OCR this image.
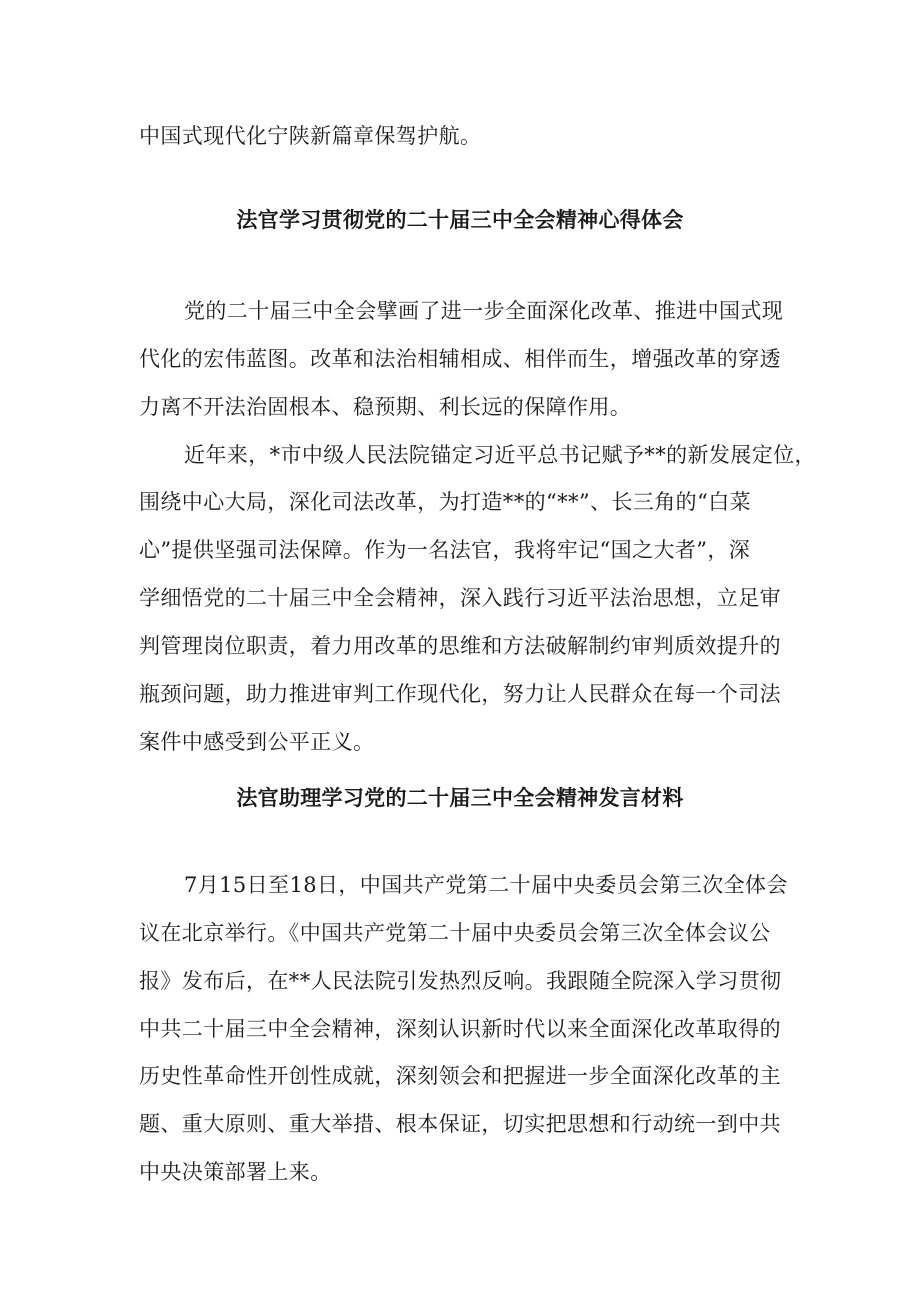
中国式现代化宁陕新篇章保驾护航。
法官学习贯彻党的二十届三中全会精神心得体会
党的二十届三中全会擘画了进一步全面深化改革、推进中国式现
代化的宏伟蓝图。改革和法治相辅相成、相伴而生，增强改革的穿透
力离不开法治固根本、稳预期、利长远的保障作用。
近年来，*市中级人民法院锚定习近平总书记赋予**的新发展定位，
围绕中心大局，深化司法改革，为打造**的“**”、长三角的“白菜
心”提供坚强司法保障。作为一名法官，我将牢记“国之大者”，深
学细悟党的二十届三中全会精神，深入践行习近平法治思想，立足审
判管理岗位职责，着力用改革的思维和方法破解制约审判质效提升的
瓶颈问题，助力推进审判工作现代化，努力让人民群众在每一个司法
案件中感受到公平正义。
法官助理学习党的二十届三中全会精神发言材料
7月15日至18日，中国共产党第二十届中央委员会第三次全体会
议在北京举行。《中国共产党第二十届中央委员会第三次全体会议公
报》发布后，在**人民法院引发热烈反响。我跟随全院深入学习贯彻
中共二十届三中全会精神，深刻认识新时代以来全面深化改革取得的
历史性革命性开创性成就，深刻领会和把握进一步全面深化改革的主
题、重大原则、重大举措、根本保证，切实把思想和行动统一到中共
中央决策部署上来。
